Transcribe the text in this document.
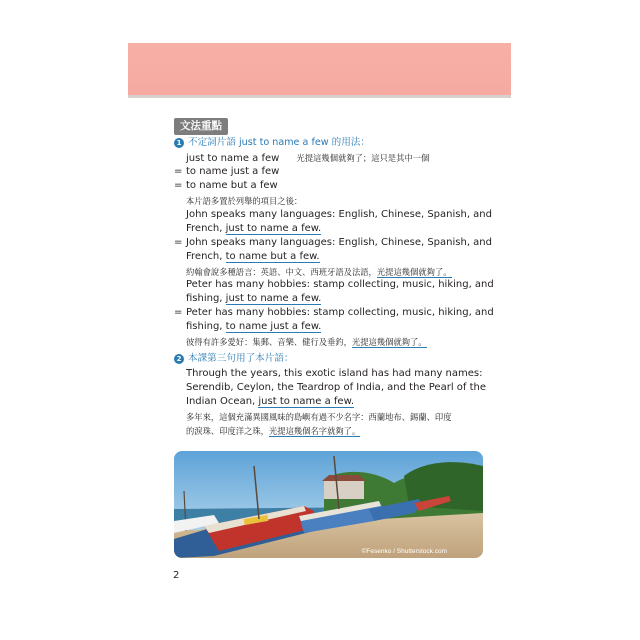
文法重點
1 不定詞片語 just to name a few 的用法：
just to name a few 光提這幾個就夠了；這只是其中一個
= to name just a few
= to name but a few
本片語多置於列舉的項目之後：
John speaks many languages: English, Chinese, Spanish, and
French, just to name a few.
= John speaks many languages: English, Chinese, Spanish, and
French, to name but a few.
約翰會說多種語言：英語、中文、西班牙語及法語，光提這幾個就夠了。
Peter has many hobbies: stamp collecting, music, hiking, and
fishing, just to name a few.
= Peter has many hobbies: stamp collecting, music, hiking, and
fishing, to name just a few.
彼得有許多愛好：集郵、音樂、健行及垂釣，光提這幾個就夠了。
2 本課第三句用了本片語：
Through the years, this exotic island has had many names:
Serendib, Ceylon, the Teardrop of India, and the Pearl of the
Indian Ocean, just to name a few.
多年來，這個充滿異國風味的島嶼有過不少名字：西蘭地布、錫蘭、印度
的淚珠、印度洋之珠，光提這幾個名字就夠了。
©Fesenko / Shutterstock.com
2
